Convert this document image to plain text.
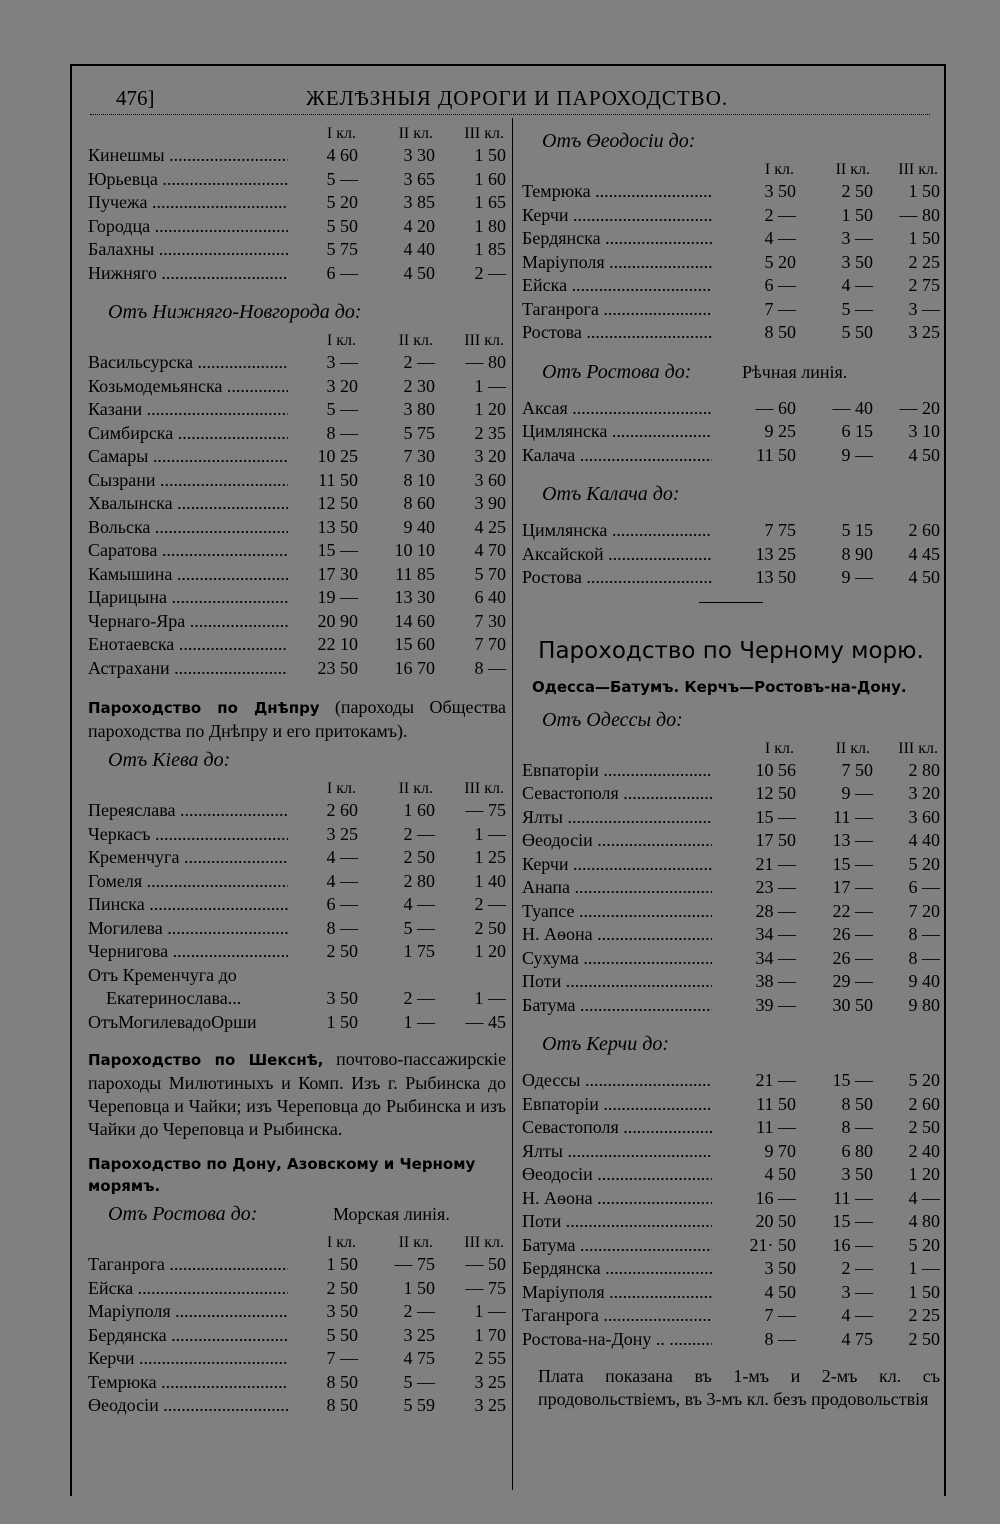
476]	ЖЕЛѢЗНЫЯ ДОРОГИ И ПАРОХОДСТВО.
I кл.	II кл.	III кл.
Кинешмы .....	4 60	3 30	1 50
Юрьевца .....	5 —	3 65	1 60
Пучежа .....	5 20	3 85	1 65
Городца .....	5 50	4 20	1 80
Балахны .....	5 75	4 40	1 85
Нижняго .....	6 —	4 50	2 —
Отъ Нижняго-Новгорода до:
I кл.	II кл.	III кл.
Васильсурска .....	3 —	2 —	— 80
Козьмодемьянска .....	3 20	2 30	1 —
Казани .....	5 —	3 80	1 20
Симбирска .....	8 —	5 75	2 35
Самары .....	10 25	7 30	3 20
Сызрани .....	11 50	8 10	3 60
Хвалынска .....	12 50	8 60	3 90
Вольска .....	13 50	9 40	4 25
Саратова .....	15 —	10 10	4 70
Камышина .....	17 30	11 85	5 70
Царицына .....	19 —	13 30	6 40
Чернаго-Яра .....	20 90	14 60	7 30
Енотаевска .....	22 10	15 60	7 70
Астрахани .....	23 50	16 70	8 —
Пароходство по Днѣпру (пароходы Общества пароходства по Днѣпру и его притокамъ).
Отъ Кіева до:
I кл.	II кл.	III кл.
Переяслава .....	2 60	1 60	— 75
Черкасъ .....	3 25	2 —	1 —
Кременчуга .....	4 —	2 50	1 25
Гомеля .....	4 —	2 80	1 40
Пинска .....	6 —	4 —	2 —
Могилева .....	8 —	5 —	2 50
Чернигова .....	2 50	1 75	1 20
Отъ Кременчуга до
Екатеринослава...	3 50	2 —	1 —
ОтъМогилевадоОрши	1 50	1 —	— 45
Пароходство по Шекснѣ, почтово-пассажирскіе пароходы Милютиныхъ и Комп. Изъ г. Рыбинска до Череповца и Чайки; изъ Череповца до Рыбинска и изъ Чайки до Череповца и Рыбинска.
Пароходство по Дону, Азовскому и Черному морямъ.
Отъ Ростова до:	Морская линія.
I кл.	II кл.	III кл.
Таганрога .....	1 50	— 75	— 50
Ейска .....	2 50	1 50	— 75
Маріуполя .....	3 50	2 —	1 —
Бердянска .....	5 50	3 25	1 70
Керчи .....	7 —	4 75	2 55
Темрюка .....	8 50	5 —	3 25
Өеодосіи .....	8 50	5 59	3 25
Отъ Өеодосіи до:
I кл.	II кл.	III кл.
Темрюка .....	3 50	2 50	1 50
Керчи .....	2 —	1 50	— 80
Бердянска .....	4 —	3 —	1 50
Маріуполя .....	5 20	3 50	2 25
Ейска .....	6 —	4 —	2 75
Таганрога .....	7 —	5 —	3 —
Ростова .....	8 50	5 50	3 25
Отъ Ростова до:	Рѣчная линія.
Аксая .....	— 60	— 40	— 20
Цимлянска .....	9 25	6 15	3 10
Калача .....	11 50	9 —	4 50
Отъ Калача до:
Цимлянска .....	7 75	5 15	2 60
Аксайской .....	13 25	8 90	4 45
Ростова .....	13 50	9 —	4 50
Пароходство по Черному морю.
Одесса—Батумъ. Керчъ—Ростовъ-на-Дону.
Отъ Одессы до:
I кл.	II кл.	III кл.
Евпаторіи .....	10 56	7 50	2 80
Севастополя .....	12 50	9 —	3 20
Ялты .....	15 —	11 —	3 60
Өеодосіи .....	17 50	13 —	4 40
Керчи .....	21 —	15 —	5 20
Анапа .....	23 —	17 —	6 —
Туапсе .....	28 —	22 —	7 20
Н. Аѳона .....	34 —	26 —	8 —
Сухума .....	34 —	26 —	8 —
Поти .....	38 —	29 —	9 40
Батума .....	39 —	30 50	9 80
Отъ Керчи до:
Одессы .....	21 —	15 —	5 20
Евпаторіи .....	11 50	8 50	2 60
Севастополя .....	11 —	8 —	2 50
Ялты .....	9 70	6 80	2 40
Өеодосіи .....	4 50	3 50	1 20
Н. Аѳона .....	16 —	11 —	4 —
Поти .....	20 50	15 —	4 80
Батума .....	21· 50	16 —	5 20
Бердянска .....	3 50	2 —	1 —
Маріуполя .....	4 50	3 —	1 50
Таганрога .....	7 —	4 —	2 25
Ростова-на-Дону .. .....	8 —	4 75	2 50
Плата показана въ 1-мъ и 2-мъ кл. съ продовольствіемъ, въ 3-мъ кл. безъ продовольствія
